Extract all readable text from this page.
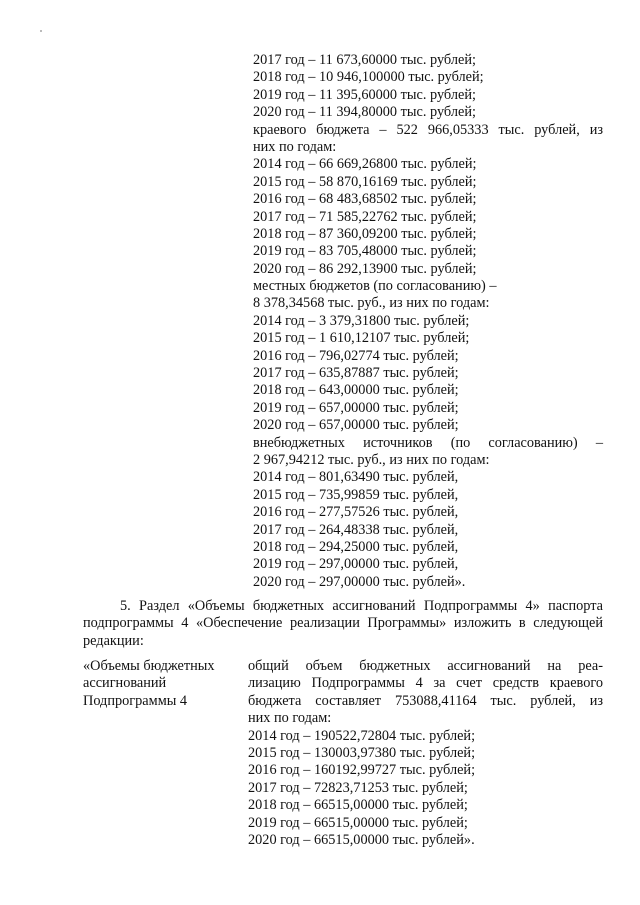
2017 год – 11 673,60000 тыс. рублей;
2018 год – 10 946,100000 тыс. рублей;
2019 год – 11 395,60000 тыс. рублей;
2020 год – 11 394,80000 тыс. рублей;
краевого бюджета – 522 966,05333 тыс. рублей, из
них по годам:
2014 год – 66 669,26800 тыс. рублей;
2015 год – 58 870,16169 тыс. рублей;
2016 год – 68 483,68502 тыс. рублей;
2017 год – 71 585,22762 тыс. рублей;
2018 год – 87 360,09200 тыс. рублей;
2019 год – 83 705,48000 тыс. рублей;
2020 год – 86 292,13900 тыс. рублей;
местных бюджетов (по согласованию) –
8 378,34568 тыс. руб., из них по годам:
2014 год – 3 379,31800 тыс. рублей;
2015 год – 1 610,12107 тыс. рублей;
2016 год – 796,02774 тыс. рублей;
2017 год – 635,87887 тыс. рублей;
2018 год – 643,00000 тыс. рублей;
2019 год – 657,00000 тыс. рублей;
2020 год – 657,00000 тыс. рублей;
внебюджетных источников (по согласованию) –
2 967,94212 тыс. руб., из них по годам:
2014 год – 801,63490 тыс. рублей,
2015 год – 735,99859 тыс. рублей,
2016 год – 277,57526 тыс. рублей,
2017 год – 264,48338 тыс. рублей,
2018 год – 294,25000 тыс. рублей,
2019 год – 297,00000 тыс. рублей,
2020 год – 297,00000 тыс. рублей».
5. Раздел «Объемы бюджетных ассигнований Подпрограммы 4» паспорта подпрограммы 4 «Обеспечение реализации Программы» изложить в следующей редакции:
«Объемы бюджетных
ассигнований
Подпрограммы 4
общий объем бюджетных ассигнований на реа-
лизацию Подпрограммы 4 за счет средств краевого
бюджета составляет 753088,41164 тыс. рублей, из
них по годам:
2014 год – 190522,72804 тыс. рублей;
2015 год – 130003,97380 тыс. рублей;
2016 год – 160192,99727 тыс. рублей;
2017 год – 72823,71253 тыс. рублей;
2018 год – 66515,00000 тыс. рублей;
2019 год – 66515,00000 тыс. рублей;
2020 год – 66515,00000 тыс. рублей».
